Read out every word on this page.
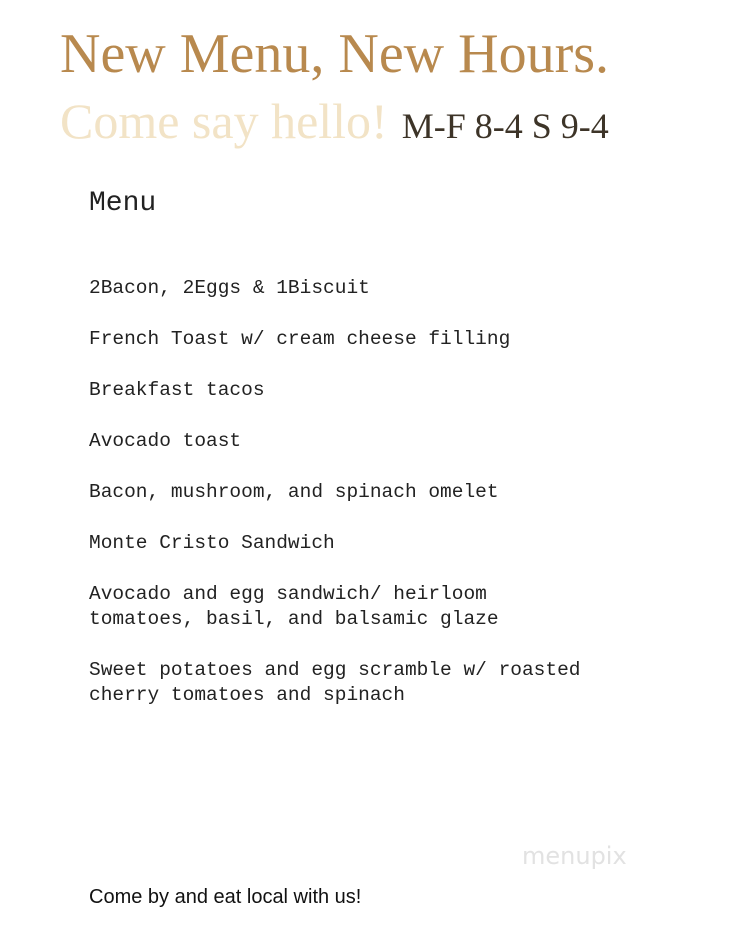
New Menu, New Hours.
Come say hello! M-F 8-4 S 9-4
Menu
2Bacon, 2Eggs & 1Biscuit
French Toast w/ cream cheese filling
Breakfast tacos
Avocado toast
Bacon, mushroom, and spinach omelet
Monte Cristo Sandwich
Avocado and egg sandwich/ heirloom
tomatoes, basil, and balsamic glaze
Sweet potatoes and egg scramble w/ roasted
cherry tomatoes and spinach
menupix
Come by and eat local with us!
